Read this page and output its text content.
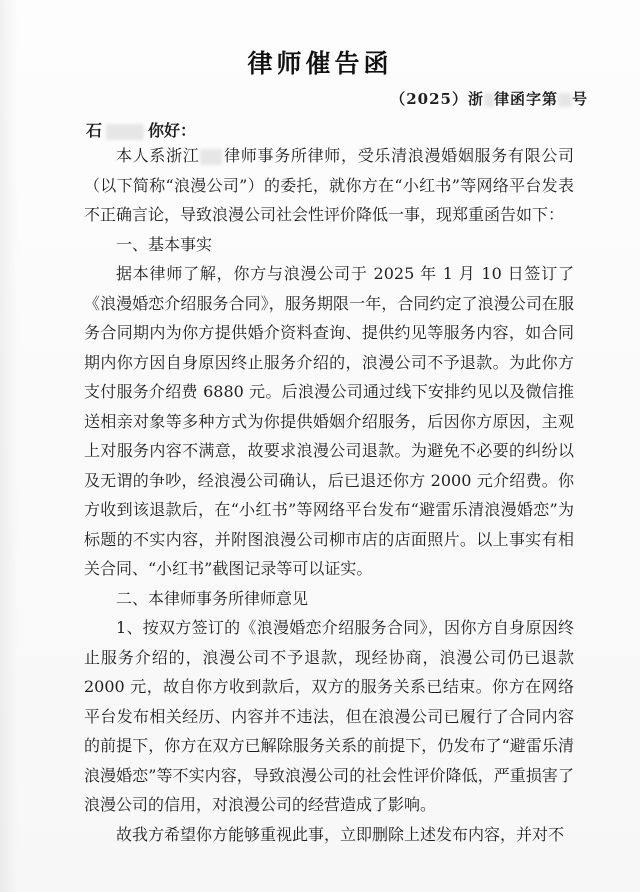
律师催告函
（2025）浙 律函字第 号
石	你好：

本人系浙江 律师事务所律师，受乐清浪漫婚姻服务有限公司（以下简称“浪漫公司”）的委托，就你方在“小红书”等网络平台发表不正确言论，导致浪漫公司社会性评价降低一事，现郑重函告如下：

一、基本事实

据本律师了解，你方与浪漫公司于 2025 年 1 月 10 日签订了《浪漫婚恋介绍服务合同》，服务期限一年，合同约定了浪漫公司在服务合同期内为你方提供婚介资料查询、提供约见等服务内容，如合同期内你方因自身原因终止服务介绍的，浪漫公司不予退款。为此你方支付服务介绍费 6880 元。后浪漫公司通过线下安排约见以及微信推送相亲对象等多种方式为你提供婚姻介绍服务，后因你方原因，主观上对服务内容不满意，故要求浪漫公司退款。为避免不必要的纠纷以及无谓的争吵，经浪漫公司确认，后已退还你方 2000 元介绍费。你方收到该退款后，在“小红书”等网络平台发布“避雷乐清浪漫婚恋”为标题的不实内容，并附图浪漫公司柳市店的店面照片。以上事实有相关合同、“小红书”截图记录等可以证实。

二、本律师事务所律师意见

1、按双方签订的《浪漫婚恋介绍服务合同》，因你方自身原因终止服务介绍的，浪漫公司不予退款，现经协商，浪漫公司仍已退款 2000 元，故自你方收到款后，双方的服务关系已结束。你方在网络平台发布相关经历、内容并不违法，但在浪漫公司已履行了合同内容的前提下，你方在双方已解除服务关系的前提下，仍发布了“避雷乐清浪漫婚恋”等不实内容，导致浪漫公司的社会性评价降低，严重损害了浪漫公司的信用，对浪漫公司的经营造成了影响。

故我方希望你方能够重视此事，立即删除上述发布内容，并对不
